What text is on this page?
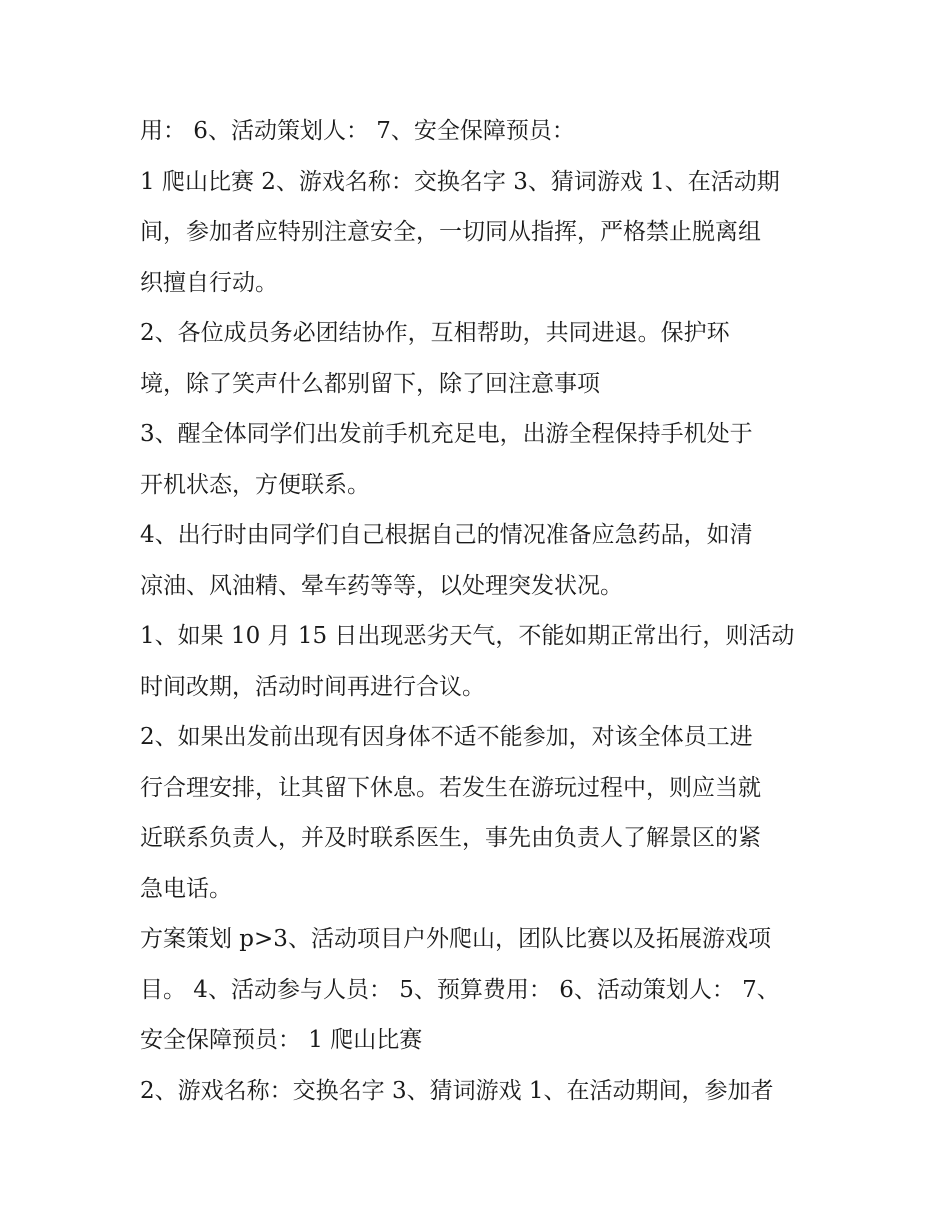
用： 6、活动策划人： 7、安全保障预员：
1 爬山比赛 2、游戏名称：交换名字 3、猜词游戏 1、在活动期
间，参加者应特别注意安全，一切同从指挥，严格禁止脱离组
织擅自行动。
2、各位成员务必团结协作，互相帮助，共同进退。保护环
境，除了笑声什么都别留下，除了回注意事项
3、醒全体同学们出发前手机充足电，出游全程保持手机处于
开机状态，方便联系。
4、出行时由同学们自己根据自己的情况准备应急药品，如清
凉油、风油精、晕车药等等，以处理突发状况。
1、如果 10 月 15 日出现恶劣天气，不能如期正常出行，则活动
时间改期，活动时间再进行合议。
2、如果出发前出现有因身体不适不能参加，对该全体员工进
行合理安排，让其留下休息。若发生在游玩过程中，则应当就
近联系负责人，并及时联系医生，事先由负责人了解景区的紧
急电话。
方案策划 p>3、活动项目户外爬山，团队比赛以及拓展游戏项
目。 4、活动参与人员： 5、预算费用： 6、活动策划人： 7、
安全保障预员： 1 爬山比赛
2、游戏名称：交换名字 3、猜词游戏 1、在活动期间，参加者
